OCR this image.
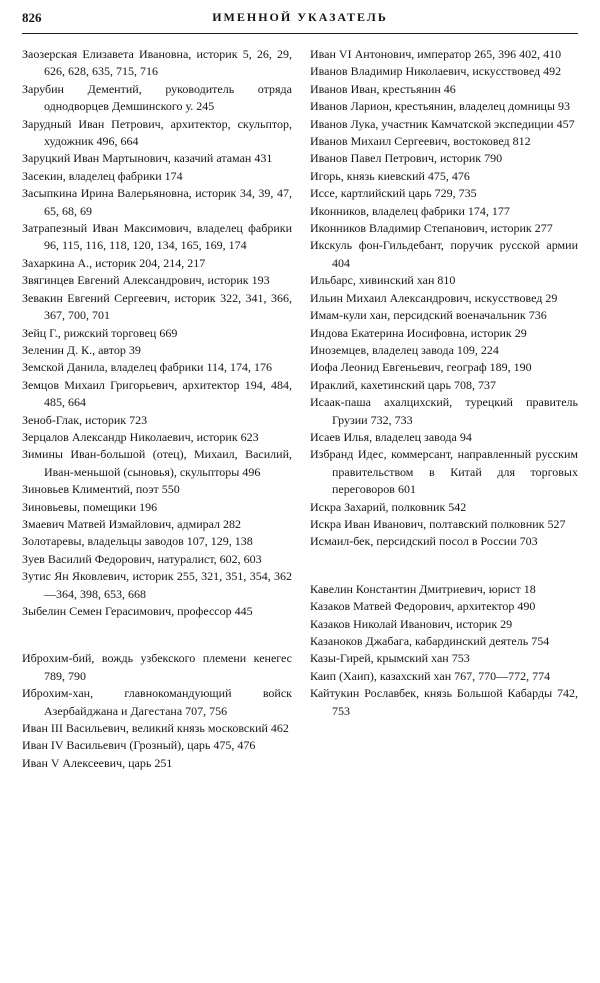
826	ИМЕННОЙ УКАЗАТЕЛЬ
Заозерская Елизавета Ивановна, историк 5, 26, 29, 626, 628, 635, 715, 716
Зарубин Дементий, руководитель отряда однодворцев Демшинского у. 245
Зарудный Иван Петрович, архитектор, скульптор, художник 496, 664
Заруцкий Иван Мартынович, казачий атаман 431
Засекин, владелец фабрики 174
Засыпкина Ирина Валерьяновна, историк 34, 39, 47, 65, 68, 69
Затрапезный Иван Максимович, владелец фабрики 96, 115, 116, 118, 120, 134, 165, 169, 174
Захаркина А., историк 204, 214, 217
Звягинцев Евгений Александрович, историк 193
Зевакин Евгений Сергеевич, историк 322, 341, 366, 367, 700, 701
Зейц Г., рижский торговец 669
Зеленин Д. К., автор 39
Земской Данила, владелец фабрики 114, 174, 176
Земцов Михаил Григорьевич, архитектор 194, 484, 485, 664
Зеноб-Глак, историк 723
Зерцалов Александр Николаевич, историк 623
Зимины Иван-большой (отец), Михаил, Василий, Иван-меньшой (сыновья), скульпторы 496
Зиновьев Климентий, поэт 550
Зиновьевы, помещики 196
Змаевич Матвей Измайлович, адмирал 282
Золотаревы, владельцы заводов 107, 129, 138
Зуев Василий Федорович, натуралист, 602, 603
Зутис Ян Яковлевич, историк 255, 321, 351, 354, 362—364, 398, 653, 668
Зыбелин Семен Герасимович, профессор 445
Иброхим-бий, вождь узбекского племени кенегес 789, 790
Иброхим-хан, главнокомандующий войск Азербайджана и Дагестана 707, 756
Иван III Васильевич, великий князь московский 462
Иван IV Васильевич (Грозный), царь 475, 476
Иван V Алексеевич, царь 251
Иван VI Антонович, император 265, 396 402, 410
Иванов Владимир Николаевич, искусствовед 492
Иванов Иван, крестьянин 46
Иванов Ларион, крестьянин, владелец домницы 93
Иванов Лука, участник Камчатской экспедиции 457
Иванов Михаил Сергеевич, востоковед 812
Иванов Павел Петрович, историк 790
Игорь, князь киевский 475, 476
Иссе, картлийский царь 729, 735
Иконников, владелец фабрики 174, 177
Иконников Владимир Степанович, историк 277
Икскуль фон-Гильдебант, поручик русской армии 404
Ильбарс, хивинский хан 810
Ильин Михаил Александрович, искусствовед 29
Имам-кули хан, персидский военачальник 736
Индова Екатерина Иосифовна, историк 29
Иноземцев, владелец завода 109, 224
Иофа Леонид Евгеньевич, географ 189, 190
Ираклий, кахетинский царь 708, 737
Исаак-паша ахалцихский, турецкий правитель Грузии 732, 733
Исаев Илья, владелец завода 94
Избранд Идес, коммерсант, направленный русским правительством в Китай для торговых переговоров 601
Искра Захарий, полковник 542
Искра Иван Иванович, полтавский полковник 527
Исмаил-бек, персидский посол в России 703
Кавелин Константин Дмитриевич, юрист 18
Казаков Матвей Федорович, архитектор 490
Казаков Николай Иванович, историк 29
Казаноков Джабага, кабардинский деятель 754
Казы-Гирей, крымский хан 753
Каип (Хаип), казахский хан 767, 770—772, 774
Кайтукин Рославбек, князь Большой Кабарды 742, 753
